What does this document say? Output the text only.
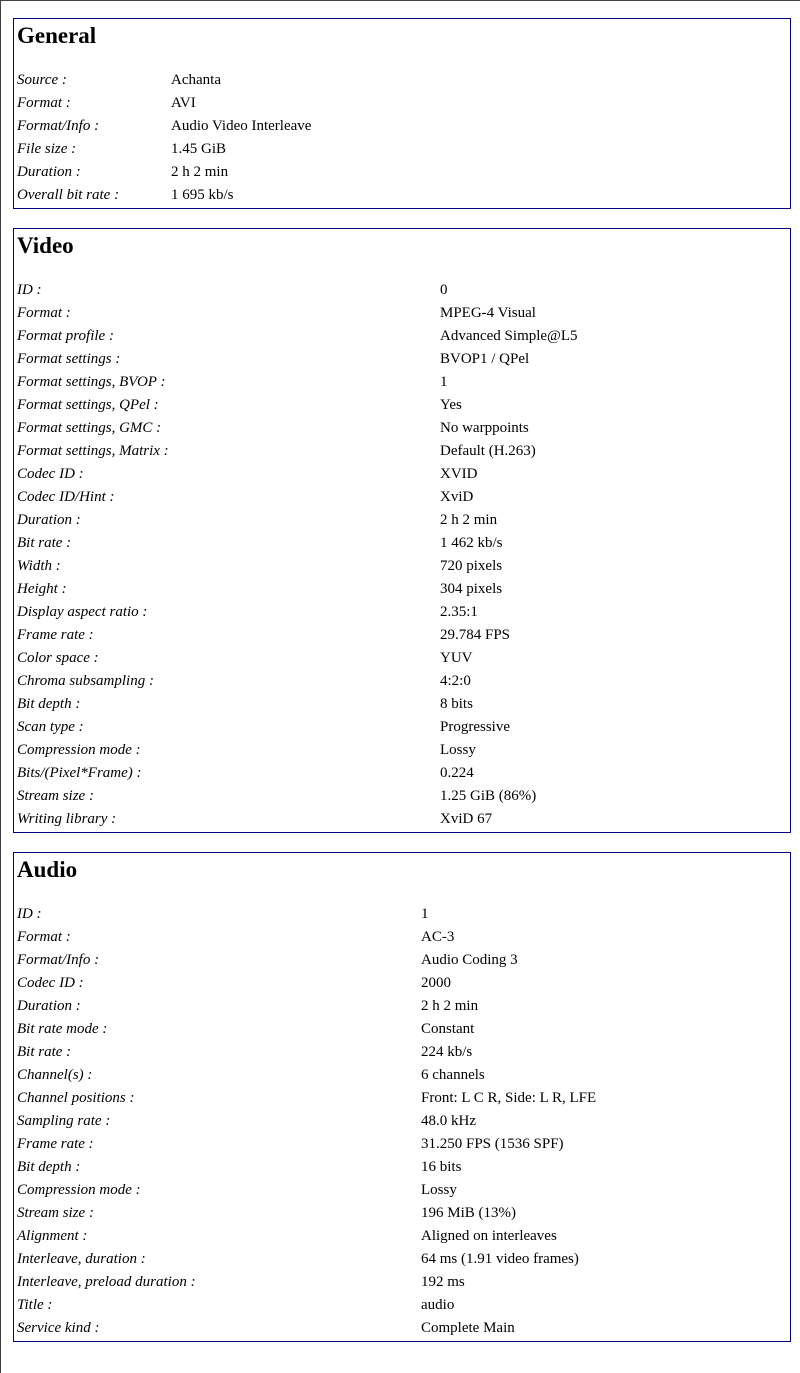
General
Source :	Achanta
Format :	AVI
Format/Info :	Audio Video Interleave
File size :	1.45 GiB
Duration :	2 h 2 min
Overall bit rate :	1 695 kb/s
Video
ID :	0
Format :	MPEG-4 Visual
Format profile :	Advanced Simple@L5
Format settings :	BVOP1 / QPel
Format settings, BVOP :	1
Format settings, QPel :	Yes
Format settings, GMC :	No warppoints
Format settings, Matrix :	Default (H.263)
Codec ID :	XVID
Codec ID/Hint :	XviD
Duration :	2 h 2 min
Bit rate :	1 462 kb/s
Width :	720 pixels
Height :	304 pixels
Display aspect ratio :	2.35:1
Frame rate :	29.784 FPS
Color space :	YUV
Chroma subsampling :	4:2:0
Bit depth :	8 bits
Scan type :	Progressive
Compression mode :	Lossy
Bits/(Pixel*Frame) :	0.224
Stream size :	1.25 GiB (86%)
Writing library :	XviD 67
Audio
ID :	1
Format :	AC-3
Format/Info :	Audio Coding 3
Codec ID :	2000
Duration :	2 h 2 min
Bit rate mode :	Constant
Bit rate :	224 kb/s
Channel(s) :	6 channels
Channel positions :	Front: L C R, Side: L R, LFE
Sampling rate :	48.0 kHz
Frame rate :	31.250 FPS (1536 SPF)
Bit depth :	16 bits
Compression mode :	Lossy
Stream size :	196 MiB (13%)
Alignment :	Aligned on interleaves
Interleave, duration :	64 ms (1.91 video frames)
Interleave, preload duration :	192 ms
Title :	audio
Service kind :	Complete Main
